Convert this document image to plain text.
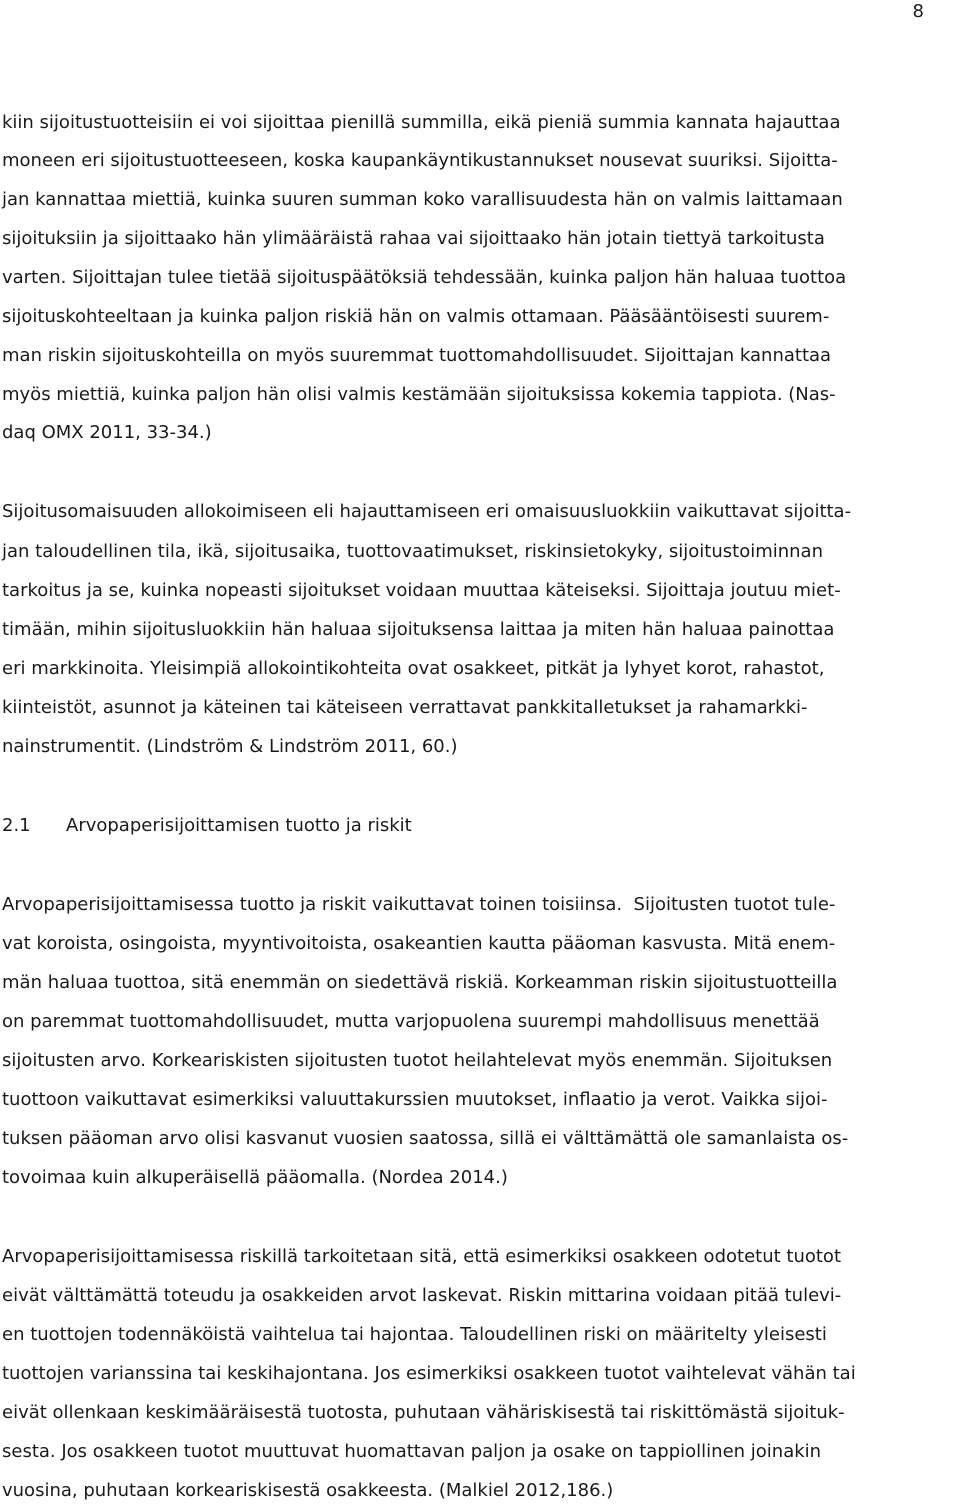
8
kiin sijoitustuotteisiin ei voi sijoittaa pienillä summilla, eikä pieniä summia kannata hajauttaa
moneen eri sijoitustuotteeseen, koska kaupankäyntikustannukset nousevat suuriksi. Sijoitta-
jan kannattaa miettiä, kuinka suuren summan koko varallisuudesta hän on valmis laittamaan
sijoituksiin ja sijoittaako hän ylimääräistä rahaa vai sijoittaako hän jotain tiettyä tarkoitusta
varten. Sijoittajan tulee tietää sijoituspäätöksiä tehdessään, kuinka paljon hän haluaa tuottoa
sijoituskohteeltaan ja kuinka paljon riskiä hän on valmis ottamaan. Pääsääntöisesti suurem-
man riskin sijoituskohteilla on myös suuremmat tuottomahdollisuudet. Sijoittajan kannattaa
myös miettiä, kuinka paljon hän olisi valmis kestämään sijoituksissa kokemia tappiota. (Nas-
daq OMX 2011, 33-34.)
Sijoitusomaisuuden allokoimiseen eli hajauttamiseen eri omaisuusluokkiin vaikuttavat sijoitta-
jan taloudellinen tila, ikä, sijoitusaika, tuottovaatimukset, riskinsietokyky, sijoitustoiminnan
tarkoitus ja se, kuinka nopeasti sijoitukset voidaan muuttaa käteiseksi. Sijoittaja joutuu miet-
timään, mihin sijoitusluokkiin hän haluaa sijoituksensa laittaa ja miten hän haluaa painottaa
eri markkinoita. Yleisimpiä allokointikohteita ovat osakkeet, pitkät ja lyhyet korot, rahastot,
kiinteistöt, asunnot ja käteinen tai käteiseen verrattavat pankkitalletukset ja rahamarkki-
nainstrumentit. (Lindström & Lindström 2011, 60.)
2.1 Arvopaperisijoittamisen tuotto ja riskit
Arvopaperisijoittamisessa tuotto ja riskit vaikuttavat toinen toisiinsa.  Sijoitusten tuotot tule-
vat koroista, osingoista, myyntivoitoista, osakeantien kautta pääoman kasvusta. Mitä enem-
män haluaa tuottoa, sitä enemmän on siedettävä riskiä. Korkeamman riskin sijoitustuotteilla
on paremmat tuottomahdollisuudet, mutta varjopuolena suurempi mahdollisuus menettää
sijoitusten arvo. Korkeariskisten sijoitusten tuotot heilahtelevat myös enemmän. Sijoituksen
tuottoon vaikuttavat esimerkiksi valuuttakurssien muutokset, inflaatio ja verot. Vaikka sijoi-
tuksen pääoman arvo olisi kasvanut vuosien saatossa, sillä ei välttämättä ole samanlaista os-
tovoimaa kuin alkuperäisellä pääomalla. (Nordea 2014.)
Arvopaperisijoittamisessa riskillä tarkoitetaan sitä, että esimerkiksi osakkeen odotetut tuotot
eivät välttämättä toteudu ja osakkeiden arvot laskevat. Riskin mittarina voidaan pitää tulevi-
en tuottojen todennäköistä vaihtelua tai hajontaa. Taloudellinen riski on määritelty yleisesti
tuottojen varianssina tai keskihajontana. Jos esimerkiksi osakkeen tuotot vaihtelevat vähän tai
eivät ollenkaan keskimääräisestä tuotosta, puhutaan vähäriskisestä tai riskittömästä sijoituk-
sesta. Jos osakkeen tuotot muuttuvat huomattavan paljon ja osake on tappiollinen joinakin
vuosina, puhutaan korkeariskisestä osakkeesta. (Malkiel 2012,186.)
